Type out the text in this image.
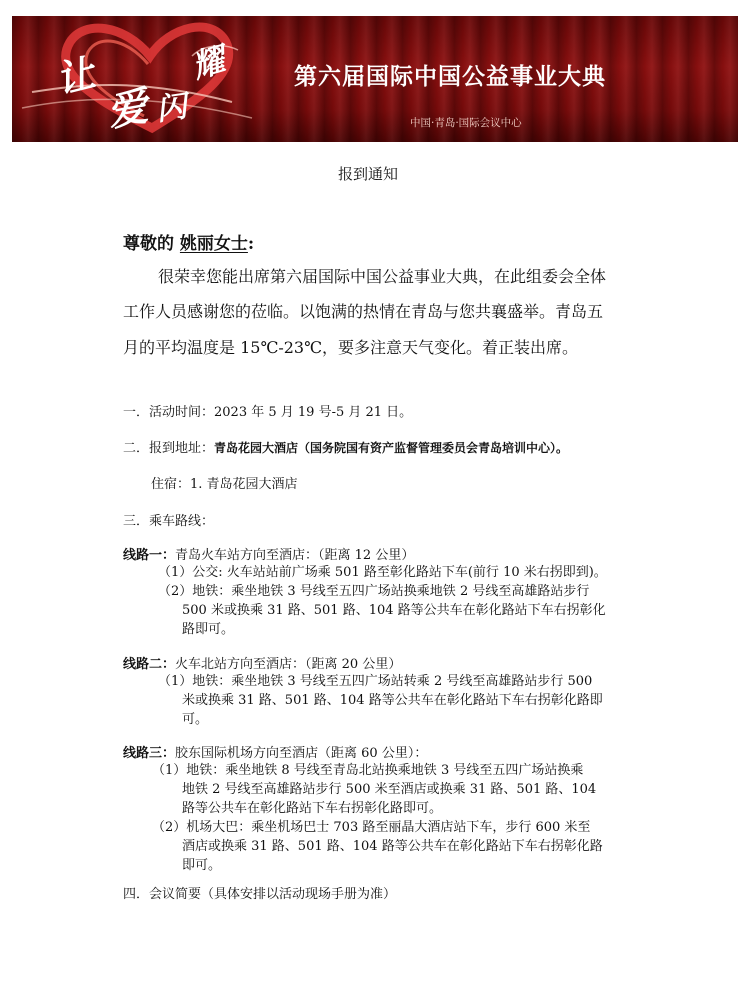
让
爱 闪
耀	第六届国际中国公益事业大典
中国·青岛·国际会议中心
报到通知
尊敬的 姚丽女士:
很荣幸您能出席第六届国际中国公益事业大典，在此组委会全体
工作人员感谢您的莅临。以饱满的热情在青岛与您共襄盛举。青岛五
月的平均温度是 15℃-23℃，要多注意天气变化。着正装出席。
一．活动时间：2023 年 5 月 19 号-5 月 21 日。
二．报到地址：青岛花园大酒店（国务院国有资产监督管理委员会青岛培训中心）。
住宿：1. 青岛花园大酒店
三．乘车路线：
线路一：青岛火车站方向至酒店：（距离 12 公里）
（1）公交: 火车站站前广场乘 501 路至彰化路站下车(前行 10 米右拐即到)。
（2）地铁：乘坐地铁 3 号线至五四广场站换乘地铁 2 号线至高雄路站步行
500 米或换乘 31 路、501 路、104 路等公共车在彰化路站下车右拐彰化
路即可。
线路二：火车北站方向至酒店：（距离 20 公里）
（1）地铁：乘坐地铁 3 号线至五四广场站转乘 2 号线至高雄路站步行 500
米或换乘 31 路、501 路、104 路等公共车在彰化路站下车右拐彰化路即
可。
线路三：胶东国际机场方向至酒店（距离 60 公里）：
（1）地铁：乘坐地铁 8 号线至青岛北站换乘地铁 3 号线至五四广场站换乘
地铁 2 号线至高雄路站步行 500 米至酒店或换乘 31 路、501 路、104
路等公共车在彰化路站下车右拐彰化路即可。
（2）机场大巴：乘坐机场巴士 703 路至丽晶大酒店站下车，步行 600 米至
酒店或换乘 31 路、501 路、104 路等公共车在彰化路站下车右拐彰化路
即可。
四．会议简要（具体安排以活动现场手册为准）
